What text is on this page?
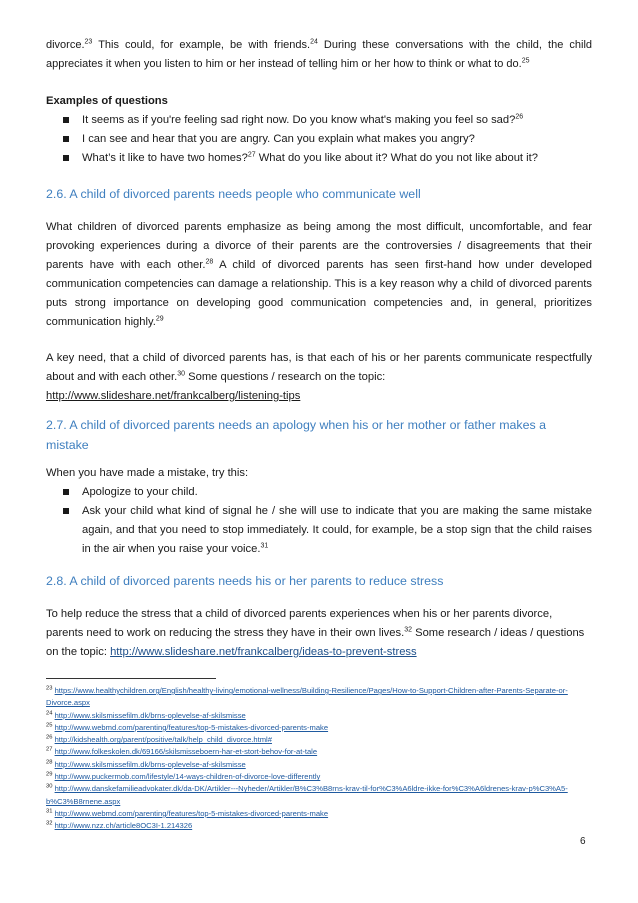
divorce.$^{23}$ This could, for example, be with friends.$^{24}$ During these conversations with the child, the child appreciates it when you listen to him or her instead of telling him or her how to think or what to do.$^{25}$

Examples of questions

It seems as if you're feeling sad right now. Do you know what's making you feel so sad?$^{26}$
I can see and hear that you are angry. Can you explain what makes you angry?
What’s it like to have two homes?$^{27}$ What do you like about it? What do you not like about it?
2.6. A child of divorced parents needs people who communicate well

What children of divorced parents emphasize as being among the most difficult, uncomfortable, and fear provoking experiences during a divorce of their parents are the controversies / disagreements that their parents have with each other.$^{28}$ A child of divorced parents has seen first-hand how under developed communication competencies can damage a relationship. This is a key reason why a child of divorced parents puts strong importance on developing good communication competencies and, in general, prioritizes communication highly.$^{29}$

A key need, that a child of divorced parents has, is that each of his or her parents communicate respectfully about and with each other.$^{30}$ Some questions / research on the topic:
http://www.slideshare.net/frankcalberg/listening-tips

2.7. A child of divorced parents needs an apology when his or her mother or father makes a mistake

When you have made a mistake, try this:

Apologize to your child.
Ask your child what kind of signal he / she will use to indicate that you are making the same mistake again, and that you need to stop immediately. It could, for example, be a stop sign that the child raises in the air when you raise your voice.$^{31}$
2.8. A child of divorced parents needs his or her parents to reduce stress

To help reduce the stress that a child of divorced parents experiences when his or her parents divorce, parents need to work on reducing the stress they have in their own lives.$^{32}$ Some research / ideas / questions on the topic: http://www.slideshare.net/frankcalberg/ideas-to-prevent-stress

$^{23}$ https://www.healthychildren.org/English/healthy-living/emotional-wellness/Building-Resilience/Pages/How-to-Support-Children-after-Parents-Separate-or-Divorce.aspx
$^{24}$ http://www.skilsmissefilm.dk/brns-oplevelse-af-skilsmisse
$^{25}$ http://www.webmd.com/parenting/features/top-5-mistakes-divorced-parents-make
$^{26}$ http://kidshealth.org/parent/positive/talk/help_child_divorce.html#
$^{27}$ http://www.folkeskolen.dk/69166/skilsmisseboern-har-et-stort-behov-for-at-tale
$^{28}$ http://www.skilsmissefilm.dk/brns-oplevelse-af-skilsmisse
$^{29}$ http://www.puckermob.com/lifestyle/14-ways-children-of-divorce-love-differently
$^{30}$ http://www.danskefamilieadvokater.dk/da-DK/Artikler---Nyheder/Artikler/B%C3%B8rns-krav-til-for%C3%A6ldre-ikke-for%C3%A6ldrenes-krav-p%C3%A5-b%C3%B8rnene.aspx
$^{31}$ http://www.webmd.com/parenting/features/top-5-mistakes-divorced-parents-make
$^{32}$ http://www.nzz.ch/article8OC3I-1.214326
6
